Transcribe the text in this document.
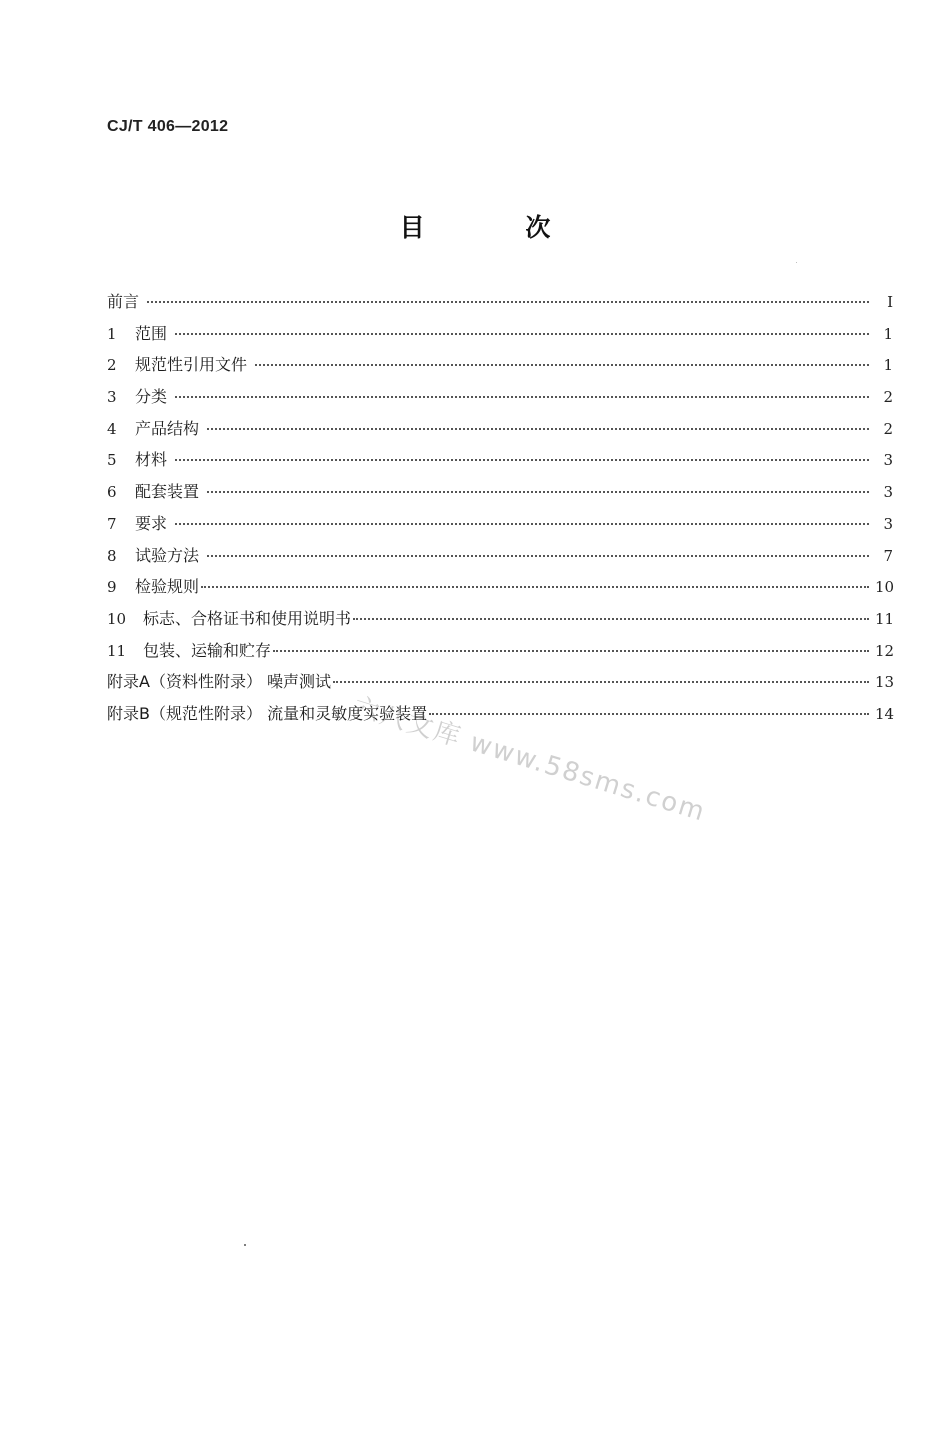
CJ/T 406—2012
目 次
前言	Ⅰ
1	范围	1
2	规范性引用文件	1
3	分类	2
4	产品结构	2
5	材料	3
6	配套装置	3
7	要求	3
8	试验方法	7
9	检验规则	10
10	标志、合格证书和使用说明书	11
11	包装、运输和贮存	12
附录A（资料性附录） 噪声测试	13
附录B（规范性附录） 流量和灵敏度实验装置	14
六八文库 www.58sms.com
